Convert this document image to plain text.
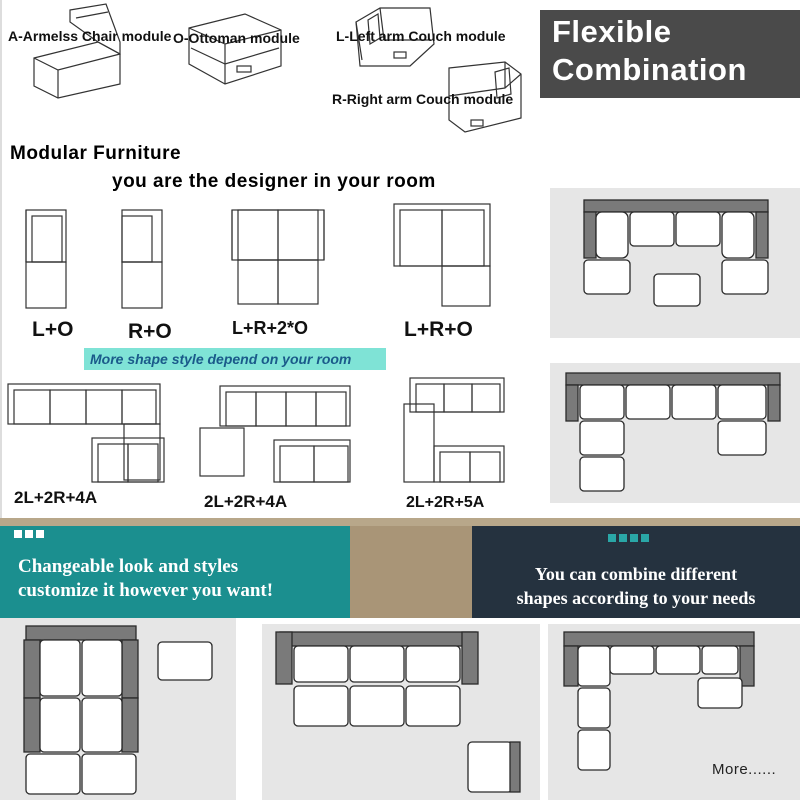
A-Armelss Chair module O-Ottoman module	L-Left arm Couch module
R-Right arm Couch module
Flexible
Combination
Modular Furniture
you are the designer in your room
L+O	R+O	L+R+2*O	L+R+O
More shape style depend on your room
2L+2R+4A	2L+2R+4A	2L+2R+5A
Changeable look and styles
customize it however you want!
You can combine different
shapes according to your needs
More......
